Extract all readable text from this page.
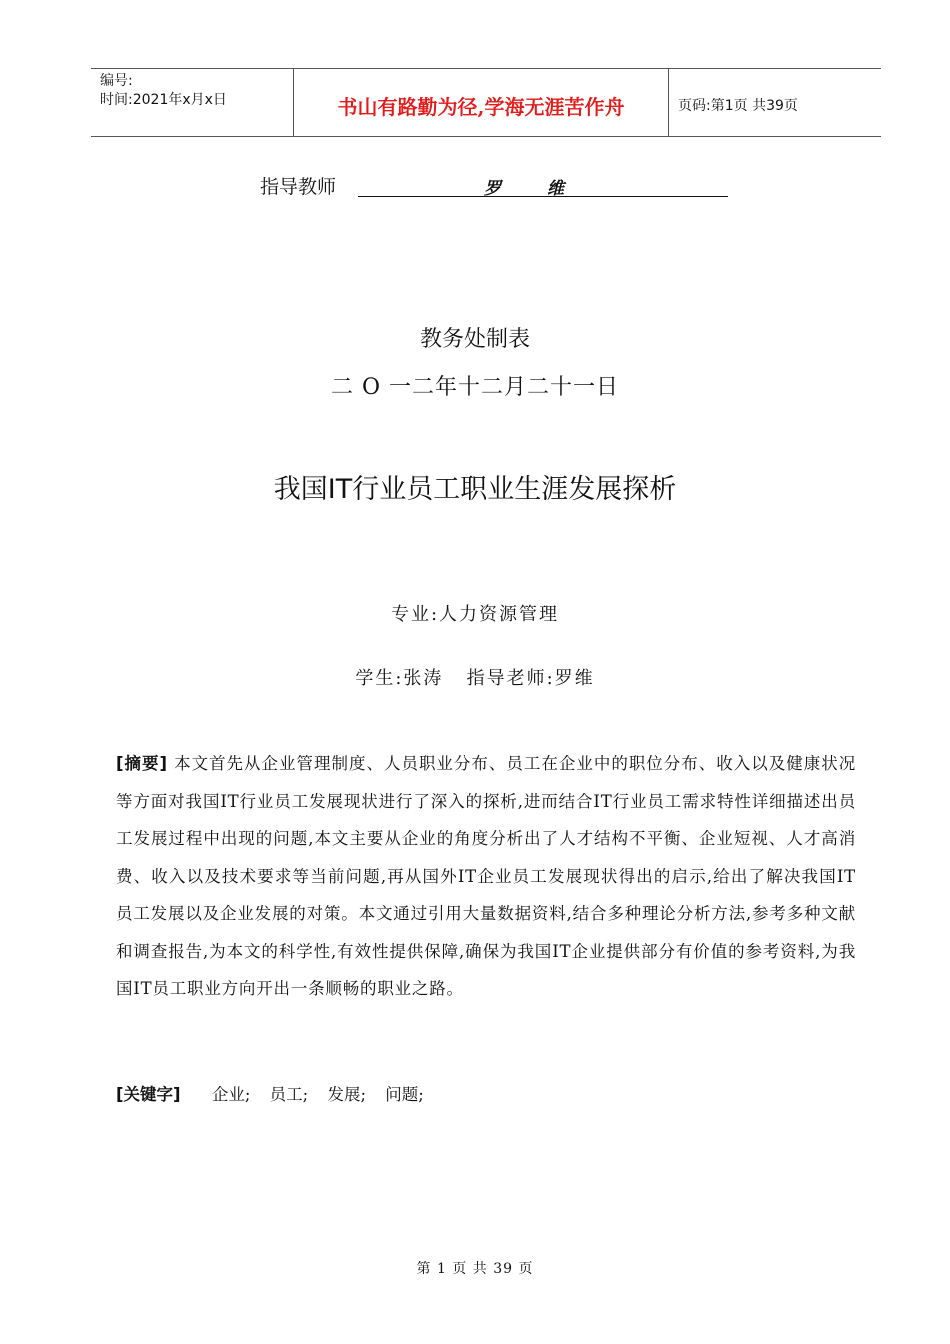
编号:
时间:2021年x月x日	书山有路勤为径,学海无涯苦作舟	页码:第1页 共39页
指导教师	罗维
教务处制表
二 O 一二年十二月二十一日
我国IT行业员工职业生涯发展探析
专业:人力资源管理
学生:张涛   指导老师:罗维
[摘要] 本文首先从企业管理制度、人员职业分布、员工在企业中的职位分布、收入以及健康状况等方面对我国IT行业员工发展现状进行了深入的探析,进而结合IT行业员工需求特性详细描述出员工发展过程中出现的问题,本文主要从企业的角度分析出了人才结构不平衡、企业短视、人才高消费、收入以及技术要求等当前问题,再从国外IT企业员工发展现状得出的启示,给出了解决我国IT员工发展以及企业发展的对策。本文通过引用大量数据资料,结合多种理论分析方法,参考多种文献和调查报告,为本文的科学性,有效性提供保障,确保为我国IT企业提供部分有价值的参考资料,为我国IT员工职业方向开出一条顺畅的职业之路。
[关键字] 企业; 员工; 发展; 问题;
第 1 页 共 39 页
